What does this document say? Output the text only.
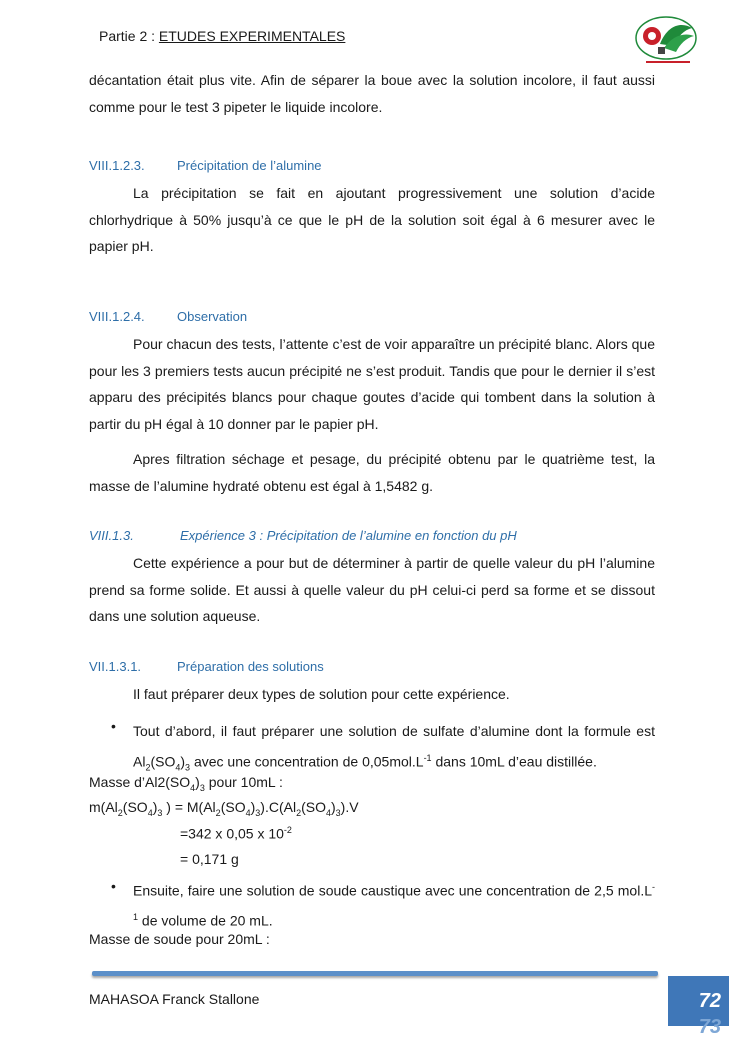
Partie 2 : ETUDES EXPERIMENTALES
décantation était plus vite. Afin de séparer la boue avec la solution incolore, il faut aussi comme pour le test 3 pipeter le liquide incolore.
VIII.1.2.3. Précipitation de l’alumine
La précipitation se fait en ajoutant progressivement une solution d’acide chlorhydrique à 50% jusqu’à ce que le pH de la solution soit égal à 6 mesurer avec le papier pH.
VIII.1.2.4. Observation
Pour chacun des tests, l’attente c’est de voir apparaître un précipité blanc. Alors que pour les 3 premiers tests aucun précipité ne s’est produit. Tandis que pour le dernier il s’est apparu des précipités blancs pour chaque goutes d’acide qui tombent dans la solution à partir du pH égal à 10 donner par le papier pH.
Apres filtration séchage et pesage, du précipité obtenu par le quatrième test, la masse de l’alumine hydraté obtenu est égal à 1,5482 g.
VIII.1.3.	Expérience 3 : Précipitation de l’alumine en fonction du pH
Cette expérience a pour but de déterminer à partir de quelle valeur du pH l’alumine prend sa forme solide. Et aussi à quelle valeur du pH celui-ci perd sa forme et se dissout dans une solution aqueuse.
VII.1.3.1.	Préparation des solutions
Il faut préparer deux types de solution pour cette expérience.
• Tout d’abord, il faut préparer une solution de sulfate d’alumine dont la formule est $Al_2(SO_4)_3$ avec une concentration de $0,05mol.L^{-1}$ dans 10mL d’eau distillée.
Masse $d’Al2(SO_4)_3$ pour 10mL :
$m(Al_2(SO_4)_3$ ) = $M(Al_2(SO_4)_3).C(Al_2(SO_4)_3).V$
=342 x 0,05 x $10^{-2}$
= 0,171 g
• Ensuite, faire une solution de soude caustique avec une concentration de 2,5 $mol.L^{-1}$ de volume de 20 mL.
Masse de soude pour 20mL :
MAHASOA Franck Stallone	72
73
